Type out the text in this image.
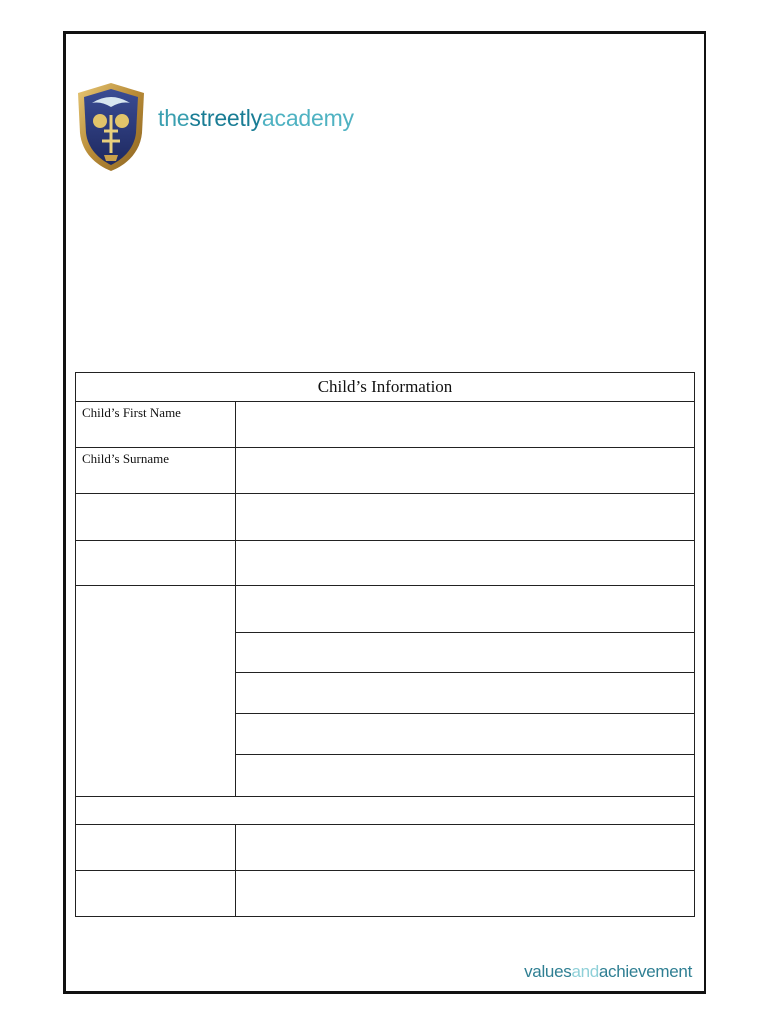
thestreetlyacademy
Child’s Information	
Child’s First Name	
Child’s Surname	

valuesandachievement
